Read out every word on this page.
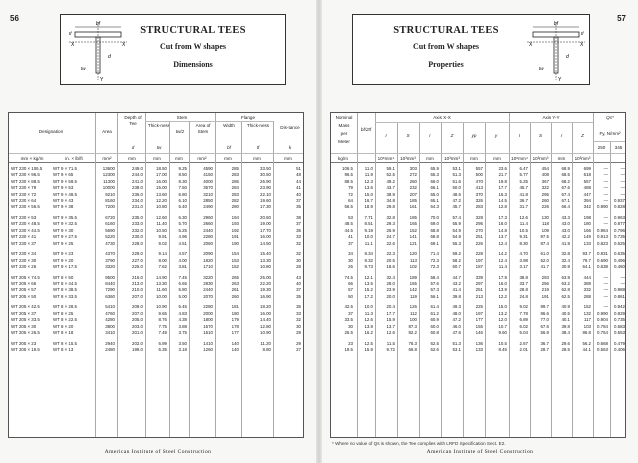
56
bf
tf
X	X
Y
d
tw
STRUCTURAL TEES
Cut from W shapes
Dimensions
Designation	Area
Depth of Tee
d
Stem
Thick-ness
tw
tw/2
Area of Stem
Flange
Width
bf
Thick-ness
tf
Dis-tance
k
mm × kg/m	in. × lb/ft	mm²	mm	mm	mm	mm²	mm	mm	mm
WT 230 × 106.5	WT 9 × 71.5	13600	249.0	18.50	9.25	4590	285	33.50	51
WT 230 × 96.5	WT 9 × 65	12300	244.0	17.00	8.50	4150	283	30.50	48
WT 230 × 88.5	WT 9 × 59.5	11300	241.0	16.00	8.30	4000	286	26.90	44
WT 230 × 79	WT 9 × 53	10000	238.0	15.00	7.50	3570	284	23.90	41
WT 230 × 72	WT 9 × 48.5	9210	236.0	13.60	6.80	3210	283	22.10	40
WT 230 × 64	WT 9 × 43	8160	234.0	12.20	6.10	2850	282	19.60	37
WT 230 × 56.5	WT 9 × 38	7200	231.0	10.80	5.40	2490	280	17.30	35
WT 230 × 53	WT 9 × 35.5	6720	235.0	12.60	6.30	2960	194	20.60	38
WT 230 × 48.5	WT 9 × 32.5	6160	233.0	11.40	5.70	2660	193	19.00	37
WT 230 × 44.5	WT 9 × 30	5690	232.0	10.50	5.25	2440	192	17.70	35
WT 230 × 41	WT 9 × 27.5	5220	230.0	9.91	4.96	2280	191	16.00	33
WT 230 × 37	WT 9 × 25	4730	228.0	9.02	4.51	2060	190	14.50	32
WT 230 × 34	WT 9 × 23	4370	229.0	9.14	4.57	2090	154	15.40	32
WT 230 × 30	WT 9 × 20	3790	227.0	8.00	4.00	1820	153	13.30	30
WT 230 × 26	WT 9 × 17.5	3320	225.0	7.62	3.81	1710	152	10.80	28
WT 205 × 74.5	WT 8 × 50	9500	216.0	14.90	7.45	3220	265	25.00	43
WT 205 × 66	WT 8 × 44.5	8440	213.0	13.30	6.65	2830	263	22.20	40
WT 205 × 57	WT 8 × 38.5	7290	210.0	11.60	5.80	2440	261	19.30	37
WT 205 × 50	WT 8 × 33.5	6360	207.0	10.00	5.00	2070	260	16.90	35
WT 205 × 42.5	WT 8 × 28.5	5410	209.0	10.90	5.45	2280	181	18.20	35
WT 205 × 37	WT 8 × 25	4760	207.0	9.65	4.83	2000	180	16.00	33
WT 205 × 33.5	WT 8 × 22.5	4280	205.0	8.76	4.38	1800	179	14.40	32
WT 205 × 30	WT 8 × 20	3800	203.0	7.75	3.88	1570	178	12.80	30
WT 205 × 26.5	WT 8 × 18	3410	201.0	7.49	3.75	1510	177	10.90	29
WT 205 × 23	WT 8 × 15.5	2940	202.0	6.99	3.50	1410	140	11.20	29
WT 205 × 19.5	WT 8 × 13	2480	199.0	6.35	3.18	1260	140	8.80	27
American Institute of Steel Construction
57
bf
tf
X	X
Y
d
tw
STRUCTURAL TEES
Cut from W shapes
Properties
Nominal
Mass
per
Meter
bf/2tf
Axis X-X	Axis Y-Y	Qs*
Fy, N/mm²
250	345
I	S	r	Z	yp	y	I	S	r	Z
kg/m	10⁶mm⁴	10³mm³	mm	10³mm³	mm	mm	10⁶mm⁴	10³mm³	mm	10³mm³
106.5	11.0	59.1	303	65.9	53.1	557	23.6	6.47	454	68.9	699	—	—
96.5	11.9	52.5	272	65.3	51.3	500	21.7	5.77	408	68.5	618	—	—
88.5	12.3	49.2	260	66.0	51.6	470	19.8	5.25	367	68.2	557	—	—
79	13.6	43.7	232	66.1	50.0	413	17.7	45.7	322	67.6	488	—	—
72	15.0	38.9	207	65.0	48.5	370	16.3	41.8	295	67.4	447	—	—
64	16.7	34.8	185	65.1	47.2	326	14.5	36.7	260	67.1	394	—	0.937
56.5	18.9	29.8	161	64.3	45.7	283	12.8	31.7	226	66.4	342	0.990	0.828
53	7.71	32.8	185	70.0	57.4	328	17.3	12.6	130	43.3	198	—	0.963
48.5	8.51	29.3	165	69.0	55.9	295	16.0	11.4	118	43.0	180	—	0.877
44.5	9.19	26.9	152	68.8	54.9	270	14.8	10.5	109	43.0	166	0.964	0.796
41	10.0	24.7	141	68.8	54.9	251	13.7	9.31	97.5	42.2	149	0.913	0.735
37	11.1	22.6	121	69.1	55.3	226	12.4	8.30	87.4	41.9	133	0.823	0.625
34	8.34	22.3	120	71.4	59.2	228	14.2	4.70	61.0	32.8	93.7	0.831	0.635
30	9.32	20.5	113	72.3	58.2	197	12.4	3.98	52.0	32.4	79.7	0.690	0.496
26	9.73	18.6	102	72.3	60.7	187	11.4	3.17	41.7	30.9	64.1	0.638	0.460
74.5	12.1	32.4	189	58.4	44.7	339	17.9	38.8	293	63.9	444	—	—
66	13.5	28.0	165	57.6	43.2	297	16.0	33.7	256	63.2	388	—	—
57	15.2	23.9	142	57.3	41.4	251	13.9	28.8	219	62.8	332	—	0.988
50	17.2	20.0	119	56.1	39.8	213	12.2	24.8	191	62.5	288	—	0.861
42.5	10.0	20.4	126	61.4	49.3	225	15.0	9.02	99.7	40.9	152	—	0.942
37	11.3	17.7	112	61.2	48.0	197	13.2	7.78	86.6	40.5	132	0.990	0.829
33.5	12.6	15.9	100	60.9	47.2	177	12.0	6.89	77.0	40.1	117	0.904	0.735
30	13.9	13.7	87.3	60.0	46.0	155	10.7	6.02	67.6	39.8	103	0.784	0.583
26.5	16.2	12.6	82.2	60.8	47.6	146	9.60	5.04	56.9	38.4	86.8	0.754	0.553
23	12.5	11.5	76.3	62.5	51.3	136	10.5	2.67	36.7	29.6	56.2	0.668	0.479
19.5	15.9	9.72	66.8	62.6	53.1	133	8.45	2.01	28.7	28.5	44.1	0.563	0.406
* Where no value of Qs is shown, the Tee complies with LRFD Specification Sect. E2.
American Institute of Steel Construction
